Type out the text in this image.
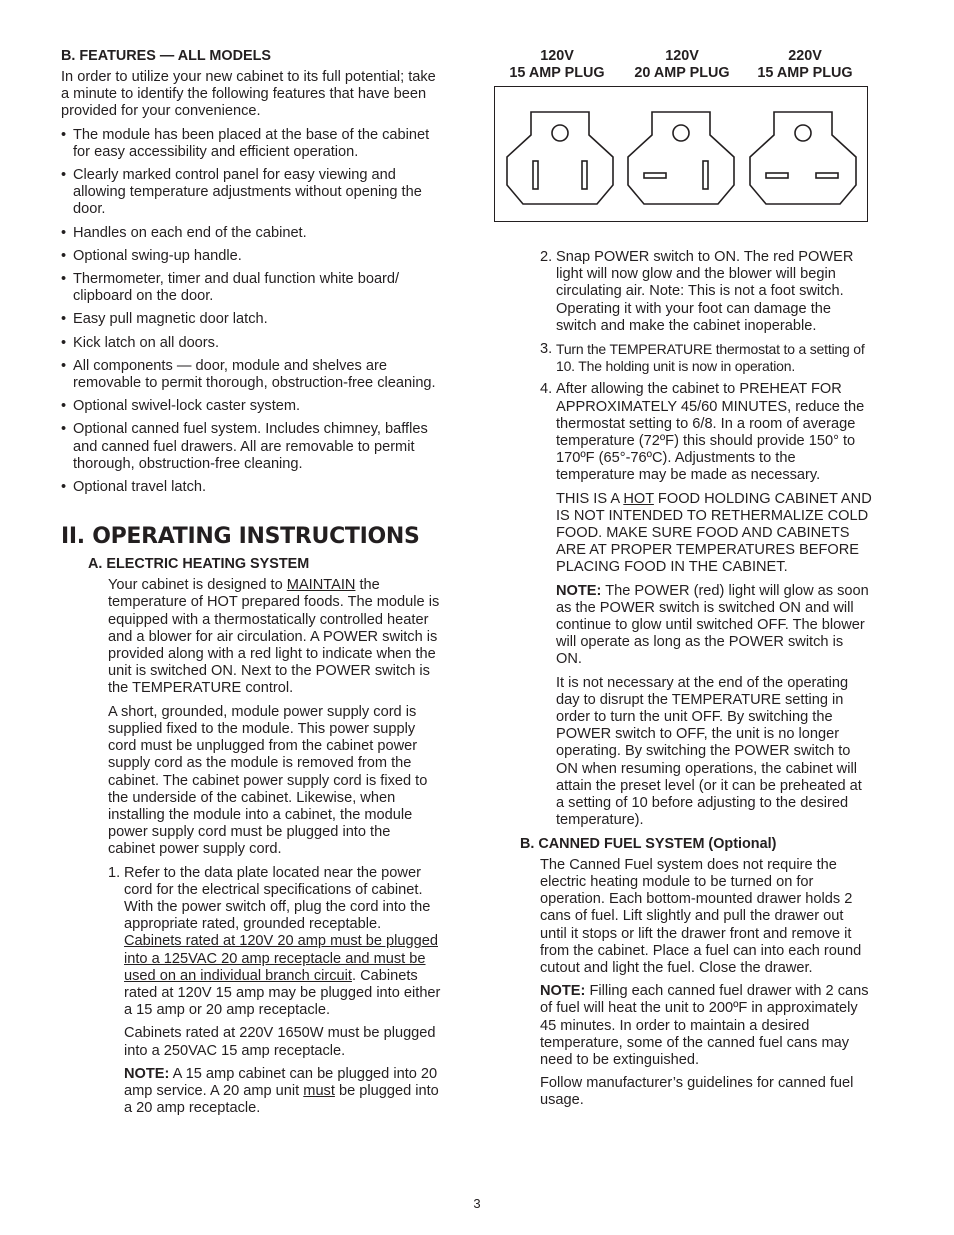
B. FEATURES — ALL MODELS

In order to utilize your new cabinet to its full potential; take a minute to identify the following features that have been provided for your convenience.

• The module has been placed at the base of the cabinet for easy accessibility and efficient operation.
• Clearly marked control panel for easy viewing and allowing temperature adjustments without opening the door.
• Handles on each end of the cabinet.
• Optional swing-up handle.
• Thermometer, timer and dual function white board/ clipboard on the door.
• Easy pull magnetic door latch.
• Kick latch on all doors.
• All components — door, module and shelves are removable to permit thorough, obstruction-free cleaning.
• Optional swivel-lock caster system.
• Optional canned fuel system. Includes chimney, baffles and canned fuel drawers. All are removable to permit thorough, obstruction-free cleaning.
• Optional travel latch.
II. OPERATING INSTRUCTIONS
A. ELECTRIC HEATING SYSTEM

Your cabinet is designed to MAINTAIN the temperature of HOT prepared foods. The module is equipped with a thermostatically controlled heater and a blower for air circulation. A POWER switch is provided along with a red light to indicate when the unit is switched ON. Next to the POWER switch is the TEMPERATURE control.

A short, grounded, module power supply cord is supplied fixed to the module. This power supply cord must be unplugged from the cabinet power supply cord as the module is removed from the cabinet. The cabinet power supply cord is fixed to the underside of the cabinet. Likewise, when installing the module into a cabinet, the module power supply cord must be plugged into the cabinet power supply cord.

1. Refer to the data plate located near the power cord for the electrical specifications of cabinet. With the power switch off, plug the cord into the appropriate rated, grounded receptable. Cabinets rated at 120V 20 amp must be plugged into a 125VAC 20 amp receptacle and must be used on an individual branch circuit. Cabinets rated at 120V 15 amp may be plugged into either a 15 amp or 20 amp receptacle.

Cabinets rated at 220V 1650W must be plugged into a 250VAC 15 amp receptacle.

NOTE: A 15 amp cabinet can be plugged into 20 amp service. A 20 amp unit must be plugged into a 20 amp receptacle.

120V
15 AMP PLUG
120V
20 AMP PLUG
220V
15 AMP PLUG
2. Snap POWER switch to ON. The red POWER light will now glow and the blower will begin circulating air. Note: This is not a foot switch. Operating it with your foot can damage the switch and make the cabinet inoperable.

3. Turn the TEMPERATURE thermostat to a setting of 10. The holding unit is now in operation.

4. After allowing the cabinet to PREHEAT FOR APPROXIMATELY 45/60 MINUTES, reduce the thermostat setting to 6/8. In a room of average temperature (72ºF) this should provide 150° to 170ºF (65°-76ºC). Adjustments to the temperature may be made as necessary.

THIS IS A HOT FOOD HOLDING CABINET AND IS NOT INTENDED TO RETHERMALIZE COLD FOOD. MAKE SURE FOOD AND CABINETS ARE AT PROPER TEMPERATURES BEFORE PLACING FOOD IN THE CABINET.

NOTE: The POWER (red) light will glow as soon as the POWER switch is switched ON and will continue to glow until switched OFF. The blower will operate as long as the POWER switch is ON.

It is not necessary at the end of the operating day to disrupt the TEMPERATURE setting in order to turn the unit OFF. By switching the POWER switch to OFF, the unit is no longer operating. By switching the POWER switch to ON when resuming operations, the cabinet will attain the preset level (or it can be preheated at a setting of 10 before adjusting to the desired temperature).

B. CANNED FUEL SYSTEM (Optional)

The Canned Fuel system does not require the electric heating module to be turned on for operation. Each bottom-mounted drawer holds 2 cans of fuel. Lift slightly and pull the drawer out until it stops or lift the drawer front and remove it from the cabinet. Place a fuel can into each round cutout and light the fuel. Close the drawer.

NOTE: Filling each canned fuel drawer with 2 cans of fuel will heat the unit to 200ºF in approximately 45 minutes. In order to maintain a desired temperature, some of the canned fuel cans may need to be extinguished.

Follow manufacturer’s guidelines for canned fuel usage.

3
